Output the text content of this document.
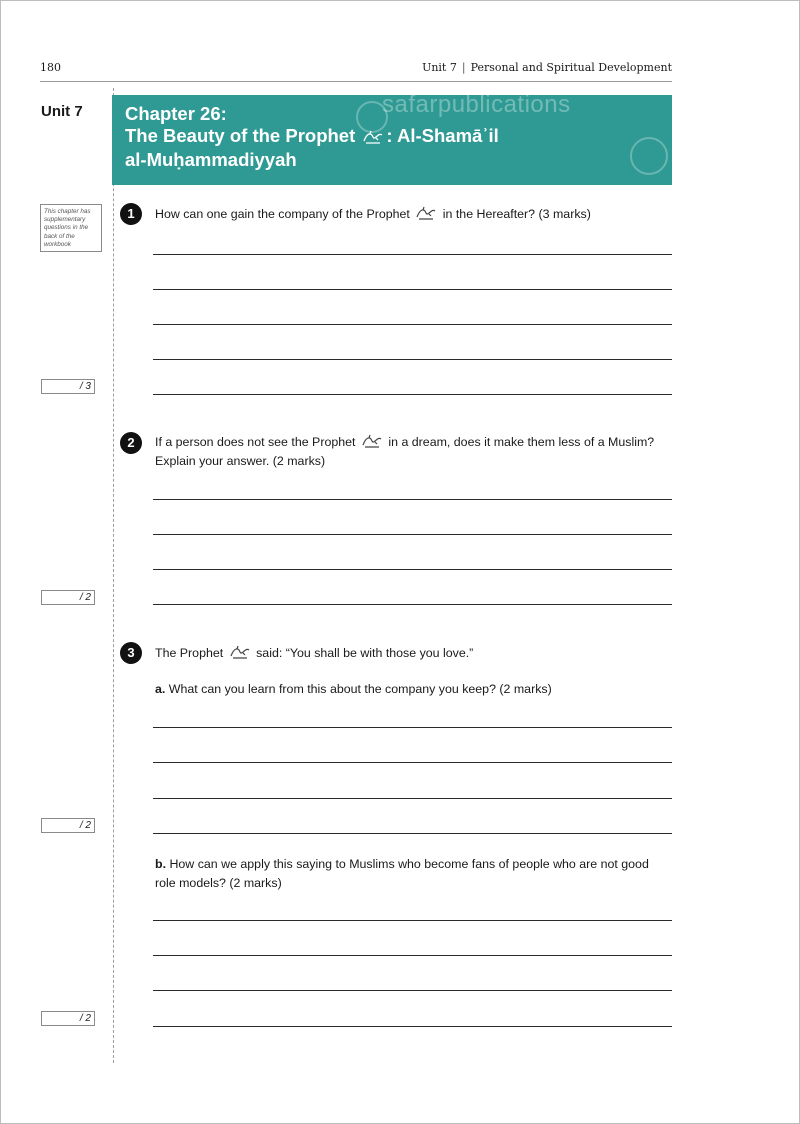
180	Unit 7 | Personal and Spiritual Development
Unit 7	safarpublications
Chapter 26:
The Beauty of the Prophet : Al-Shamāʾil
al-Muḥammadiyyah
This chapter has supplementary questions in the back of the workbook
1	How can one gain the company of the Prophet	in the Hereafter? (3 marks)
/ 3
2	If a person does not see the Prophet	in a dream, does it make them less of a Muslim? Explain your answer. (2 marks)
/ 2
3	The Prophet	said: “You shall be with those you love.”
a. What can you learn from this about the company you keep? (2 marks)
/ 2
b. How can we apply this saying to Muslims who become fans of people who are not good role models? (2 marks)
/ 2
